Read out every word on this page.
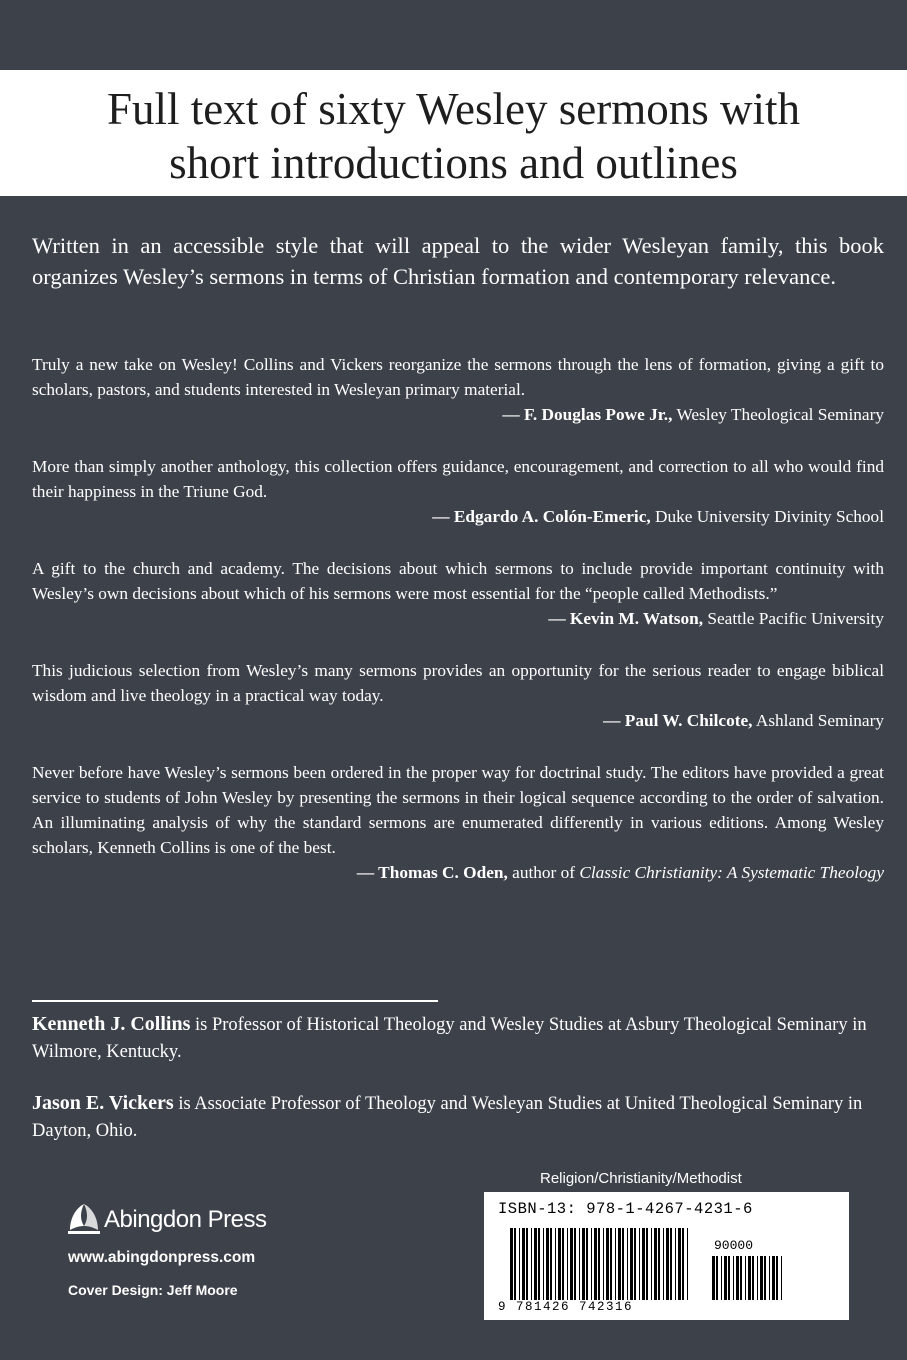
Full text of sixty Wesley sermons with
short introductions and outlines
Written in an accessible style that will appeal to the wider Wesleyan family, this book organizes Wesley’s sermons in terms of Christian formation and contemporary relevance.
Truly a new take on Wesley! Collins and Vickers reorganize the sermons through the lens of formation, giving a gift to scholars, pastors, and students interested in Wesleyan primary material.
— F. Douglas Powe Jr., Wesley Theological Seminary
More than simply another anthology, this collection offers guidance, encouragement, and correction to all who would find their happiness in the Triune God.
— Edgardo A. Colón-Emeric, Duke University Divinity School
A gift to the church and academy. The decisions about which sermons to include provide important continuity with Wesley’s own decisions about which of his sermons were most essential for the “people called Methodists.”
— Kevin M. Watson, Seattle Pacific University
This judicious selection from Wesley’s many sermons provides an opportunity for the serious reader to engage biblical wisdom and live theology in a practical way today.
— Paul W. Chilcote, Ashland Seminary
Never before have Wesley’s sermons been ordered in the proper way for doctrinal study. The editors have provided a great service to students of John Wesley by presenting the sermons in their logical sequence according to the order of salvation. An illuminating analysis of why the standard sermons are enumerated differently in various editions. Among Wesley scholars, Kenneth Collins is one of the best.
— Thomas C. Oden, author of Classic Christianity: A Systematic Theology
Kenneth J. Collins is Professor of Historical Theology and Wesley Studies at Asbury Theological Seminary in Wilmore, Kentucky.
Jason E. Vickers is Associate Professor of Theology and Wesleyan Studies at United Theological Seminary in Dayton, Ohio.
Religion/Christianity/Methodist
ISBN-13: 978-1-4267-4231-6
90000
9 781426 742316
Abingdon Press
www.abingdonpress.com
Cover Design: Jeff Moore
